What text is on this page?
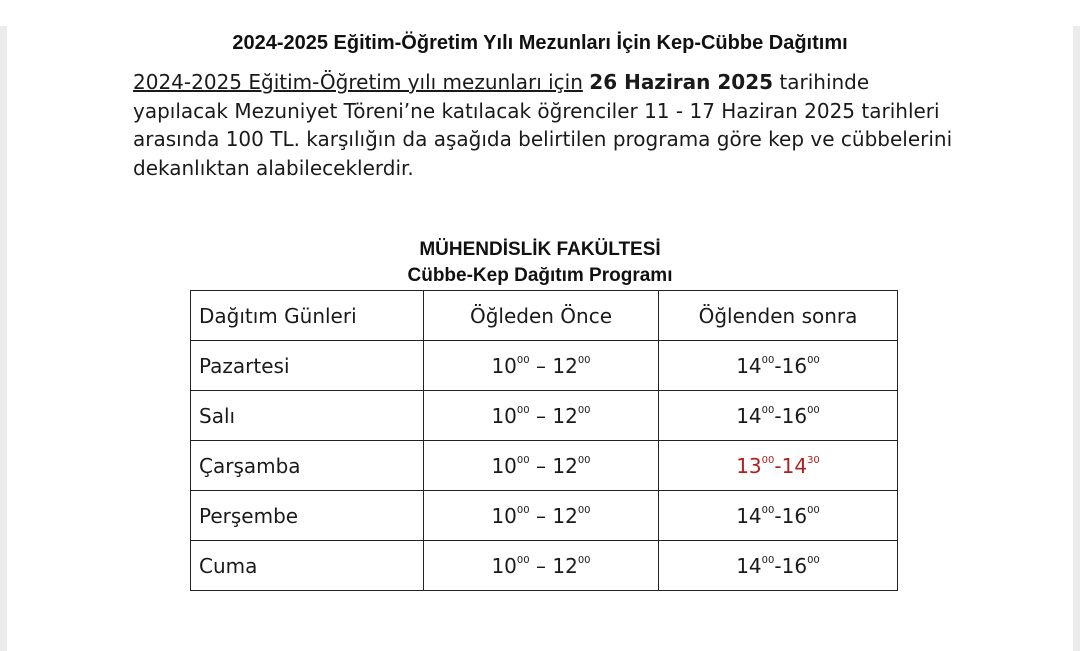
2024-2025 Eğitim-Öğretim Yılı Mezunları İçin Kep-Cübbe Dağıtımı
2024-2025 Eğitim-Öğretim yılı mezunları için 26 Haziran 2025 tarihinde yapılacak Mezuniyet Töreni’ne katılacak öğrenciler 11 - 17 Haziran 2025 tarihleri arasında 100 TL. karşılığın da aşağıda belirtilen programa göre kep ve cübbelerini dekanlıktan alabileceklerdir.
MÜHENDİSLİK FAKÜLTESİ
Cübbe-Kep Dağıtım Programı
Dağıtım Günleri	Öğleden Önce	Öğlenden sonra
Pazartesi	$10^{00} - 12^{00}$	$14^{00}-16^{00}$
Salı	$10^{00} - 12^{00}$	$14^{00}-16^{00}$
Çarşamba	$10^{00} - 12^{00}$	$13^{00}-14^{30}$
Perşembe	$10^{00} - 12^{00}$	$14^{00}-16^{00}$
Cuma	$10^{00} - 12^{00}$	$14^{00}-16^{00}$
